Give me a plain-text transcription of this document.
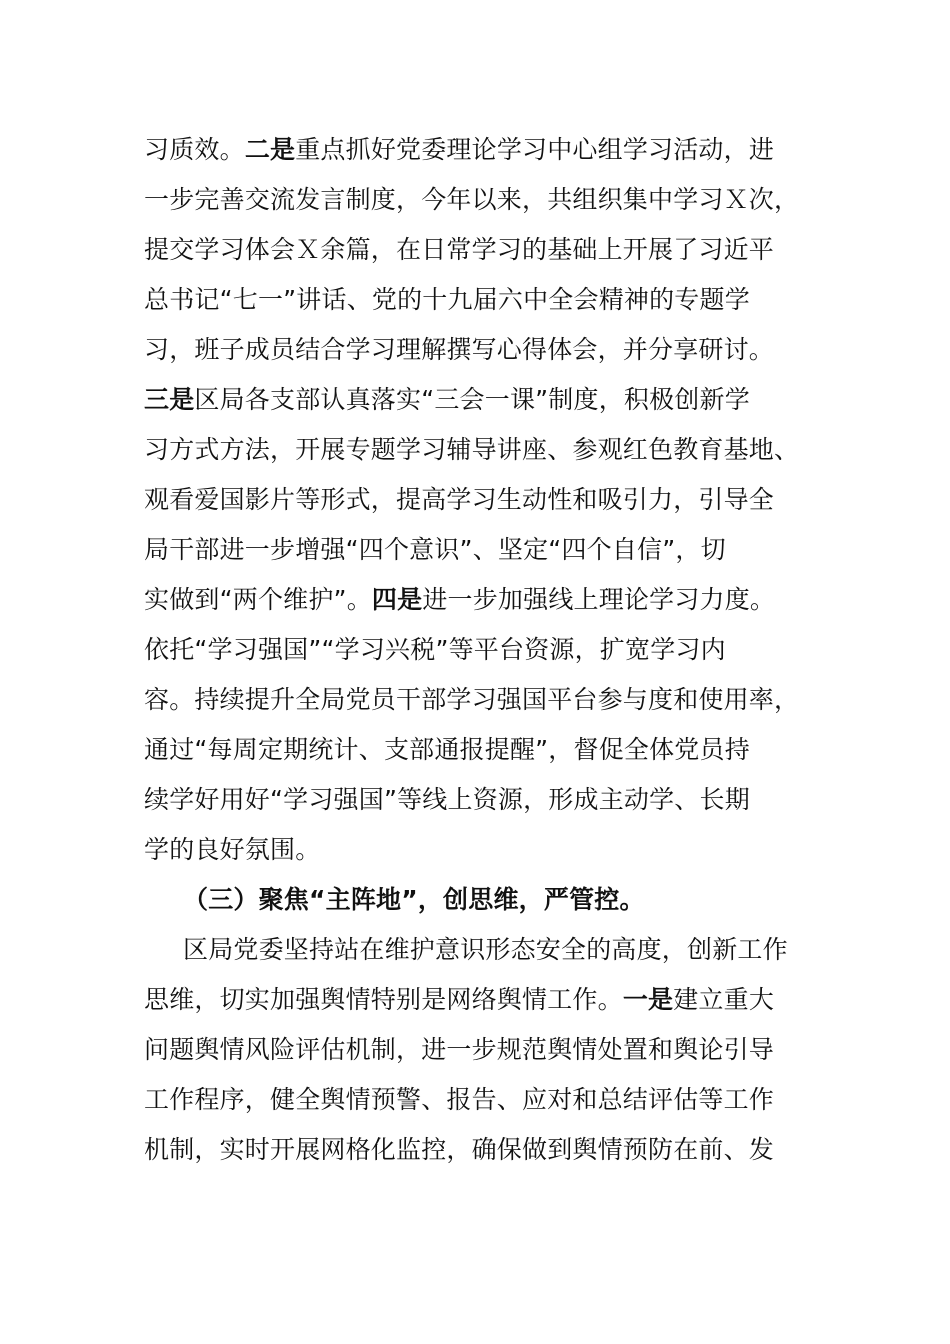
习质效。二是重点抓好党委理论学习中心组学习活动，进
一步完善交流发言制度，今年以来，共组织集中学习Ｘ次，
提交学习体会Ｘ余篇，在日常学习的基础上开展了习近平
总书记“七一”讲话、党的十九届六中全会精神的专题学
习，班子成员结合学习理解撰写心得体会，并分享研讨。
三是区局各支部认真落实“三会一课”制度，积极创新学
习方式方法，开展专题学习辅导讲座、参观红色教育基地、
观看爱国影片等形式，提高学习生动性和吸引力，引导全
局干部进一步增强“四个意识”、坚定“四个自信”，切
实做到“两个维护”。四是进一步加强线上理论学习力度。
依托“学习强国”“学习兴税”等平台资源，扩宽学习内
容。持续提升全局党员干部学习强国平台参与度和使用率，
通过“每周定期统计、支部通报提醒”，督促全体党员持
续学好用好“学习强国”等线上资源，形成主动学、长期
学的良好氛围。
（三）聚焦“主阵地”，创思维，严管控。
区局党委坚持站在维护意识形态安全的高度，创新工作
思维，切实加强舆情特别是网络舆情工作。一是建立重大
问题舆情风险评估机制，进一步规范舆情处置和舆论引导
工作程序，健全舆情预警、报告、应对和总结评估等工作
机制，实时开展网格化监控，确保做到舆情预防在前、发
